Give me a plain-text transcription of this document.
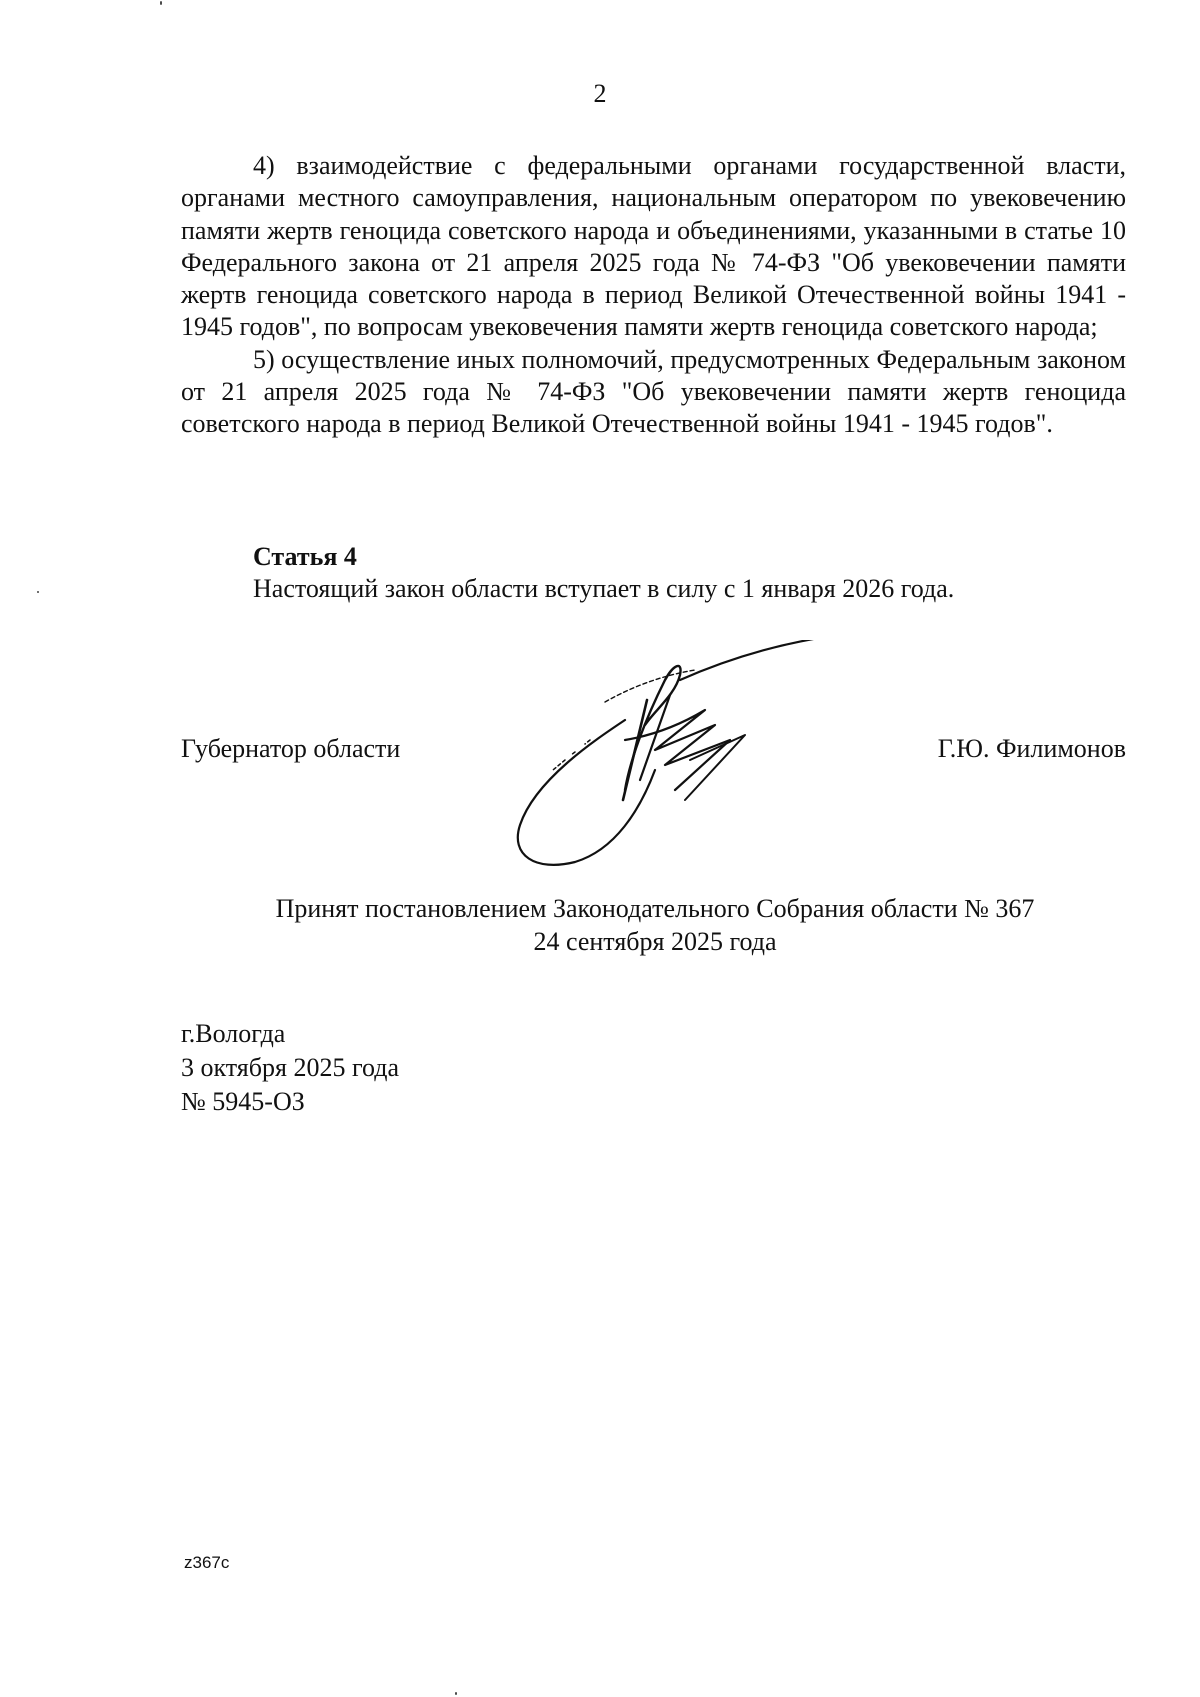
2

4) взаимодействие с федеральными органами государственной власти, органами местного самоуправления, национальным оператором по увековечению памяти жертв геноцида советского народа и объединениями, указанными в статье 10 Федерального закона от 21 апреля 2025 года № 74-ФЗ "Об увековечении памяти жертв геноцида советского народа в период Великой Отечественной войны 1941 - 1945 годов", по вопросам увековечения памяти жертв геноцида советского народа;

5) осуществление иных полномочий, предусмотренных Федеральным законом от 21 апреля 2025 года № 74-ФЗ "Об увековечении памяти жертв геноцида советского народа в период Великой Отечественной войны 1941 - 1945 годов".

Статья 4
Настоящий закон области вступает в силу с 1 января 2026 года.
Губернатор области	Г.Ю. Филимонов
Принят постановлением Законодательного Собрания области № 367
24 сентября 2025 года
г.Вологда
3 октября 2025 года
№ 5945-ОЗ
z367c
